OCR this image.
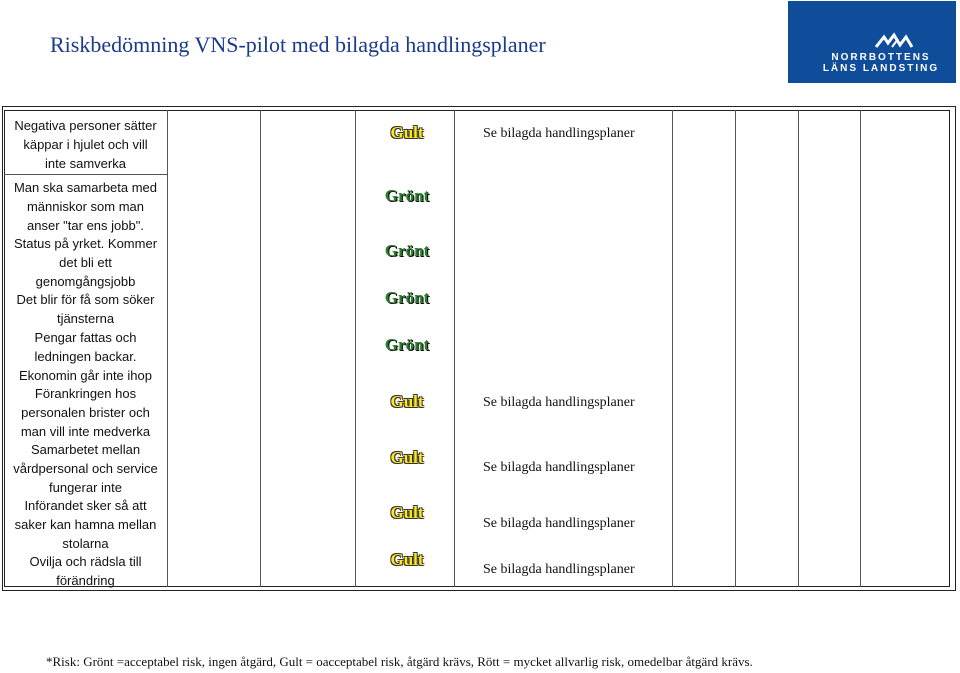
Riskbedömning VNS-pilot med bilagda handlingsplaner
NORRBOTTENS
LÄNS LANDSTING
Negativa personer sätter
käppar i hjulet och vill
inte samverka
Gult	Se bilagda handlingsplaner
Man ska samarbeta med
människor som man
anser "tar ens jobb".
Grönt
Status på yrket. Kommer
det bli ett
genomgångsjobb
Grönt
Det blir för få som söker
tjänsterna
Grönt
Pengar fattas och
ledningen backar.
Ekonomin går inte ihop
Grönt
Förankringen hos
personalen brister och
man vill inte medverka
Gult	Se bilagda handlingsplaner
Samarbetet mellan
vårdpersonal och service
fungerar inte
Gult
Se bilagda handlingsplaner
Införandet sker så att
saker kan hamna mellan
stolarna
Gult
Se bilagda handlingsplaner
Ovilja och rädsla till
förändring
Gult
Se bilagda handlingsplaner
*Risk: Grönt =acceptabel risk, ingen åtgärd, Gult = oacceptabel risk, åtgärd krävs, Rött = mycket allvarlig risk, omedelbar åtgärd krävs.
